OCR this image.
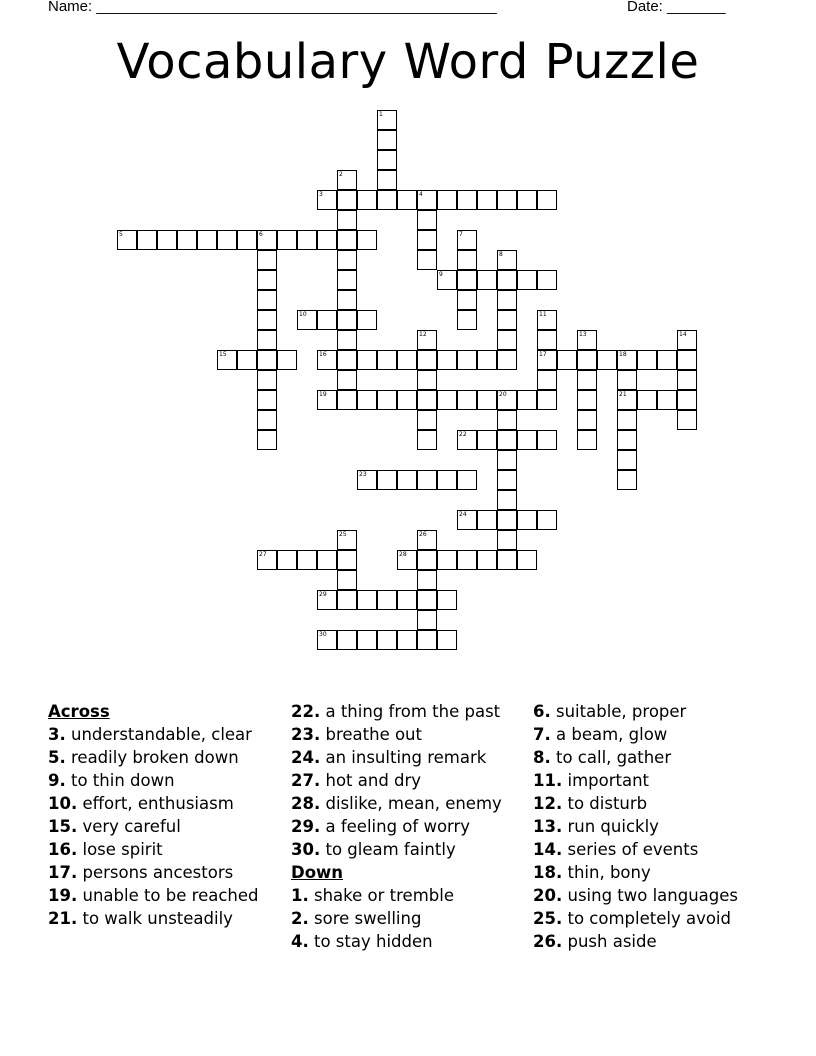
Name: ________________________________________________	Date: _______
Vocabulary Word Puzzle
1
2
3	4
5	6	7
8
9
10	11
17
12	13	14
15	16	18
21
19	20
22
23
24
25	26
27	28
29
30
Across
3. understandable, clear
5. readily broken down
9. to thin down
10. effort, enthusiasm
15. very careful
16. lose spirit
17. persons ancestors
19. unable to be reached
21. to walk unsteadily
22. a thing from the past
23. breathe out
24. an insulting remark
27. hot and dry
28. dislike, mean, enemy
29. a feeling of worry
30. to gleam faintly
Down
1. shake or tremble
2. sore swelling
4. to stay hidden
6. suitable, proper
7. a beam, glow
8. to call, gather
11. important
12. to disturb
13. run quickly
14. series of events
18. thin, bony
20. using two languages
25. to completely avoid
26. push aside
